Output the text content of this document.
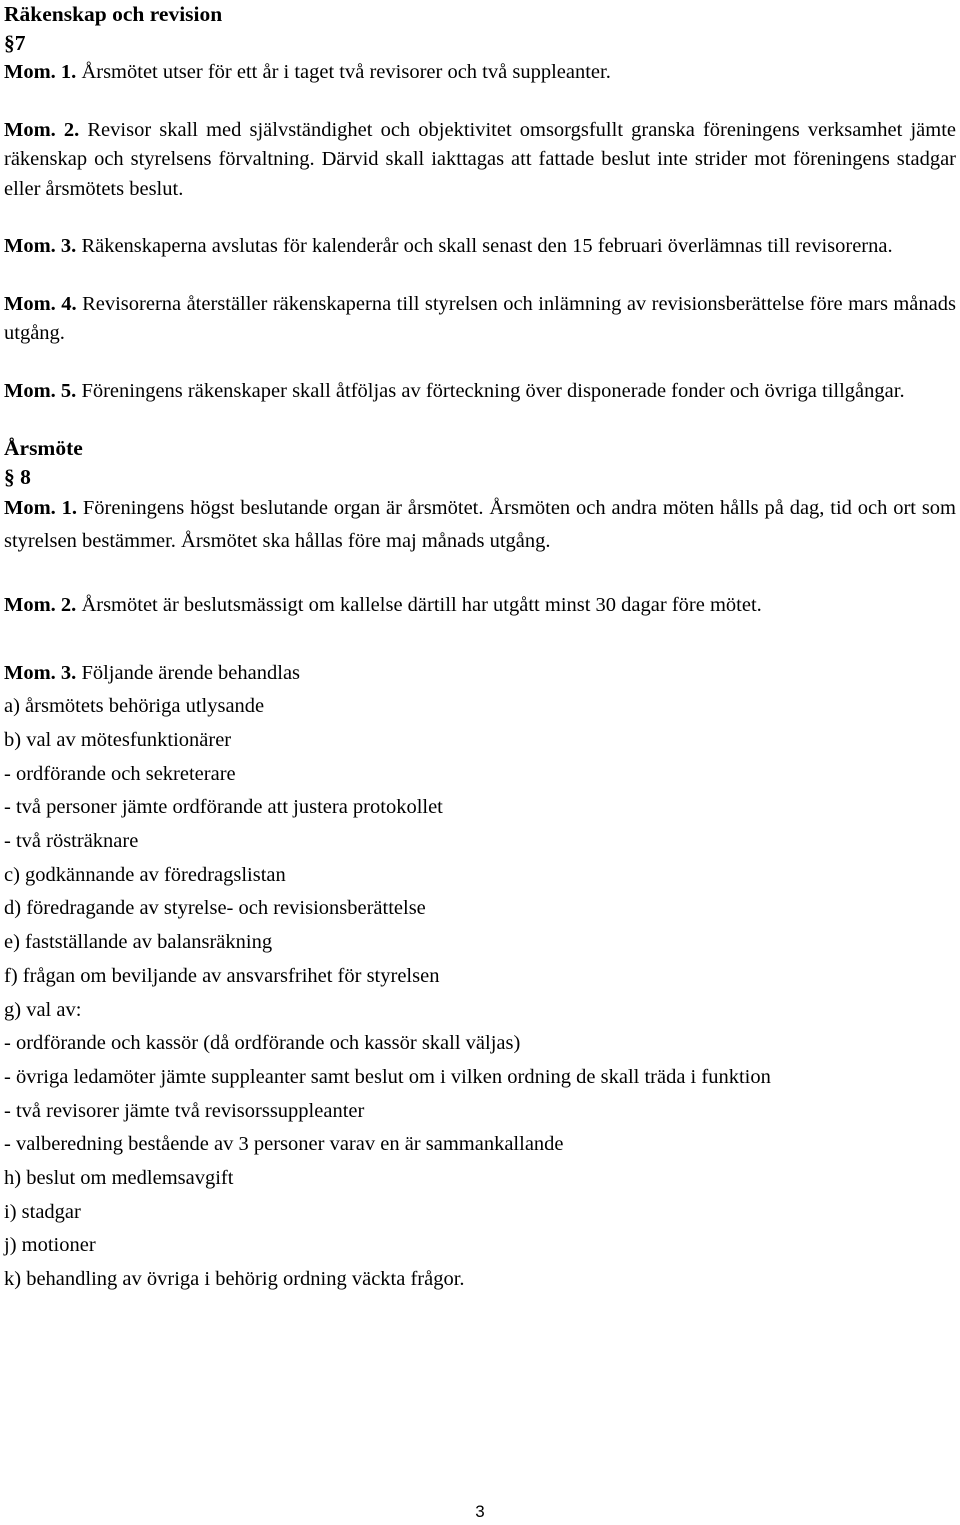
Räkenskap och revision

§7

Mom. 1. Årsmötet utser för ett år i taget två revisorer och två suppleanter.

Mom. 2. Revisor skall med självständighet och objektivitet omsorgsfullt granska föreningens verksamhet jämte räkenskap och styrelsens förvaltning. Därvid skall iakttagas att fattade beslut inte strider mot föreningens stadgar eller årsmötets beslut.

Mom. 3. Räkenskaperna avslutas för kalenderår och skall senast den 15 februari överlämnas till revisorerna.

Mom. 4. Revisorerna återställer räkenskaperna till styrelsen och inlämning av revisionsberättelse före mars månads utgång.

Mom. 5. Föreningens räkenskaper skall åtföljas av förteckning över disponerade fonder och övriga tillgångar.

Årsmöte

§ 8

Mom. 1. Föreningens högst beslutande organ är årsmötet. Årsmöten och andra möten hålls på dag, tid och ort som styrelsen bestämmer. Årsmötet ska hållas före maj månads utgång.

Mom. 2. Årsmötet är beslutsmässigt om kallelse därtill har utgått minst 30 dagar före mötet.

Mom. 3. Följande ärende behandlas

a) årsmötets behöriga utlysande

b) val av mötesfunktionärer

- ordförande och sekreterare

- två personer jämte ordförande att justera protokollet

- två rösträknare

c) godkännande av föredragslistan

d) föredragande av styrelse- och revisionsberättelse

e) fastställande av balansräkning

f) frågan om beviljande av ansvarsfrihet för styrelsen

g) val av:

- ordförande och kassör (då ordförande och kassör skall väljas)

- övriga ledamöter jämte suppleanter samt beslut om i vilken ordning de skall träda i funktion

- två revisorer jämte två revisorssuppleanter

- valberedning bestående av 3 personer varav en är sammankallande

h) beslut om medlemsavgift

i) stadgar

j) motioner

k) behandling av övriga i behörig ordning väckta frågor.

3
